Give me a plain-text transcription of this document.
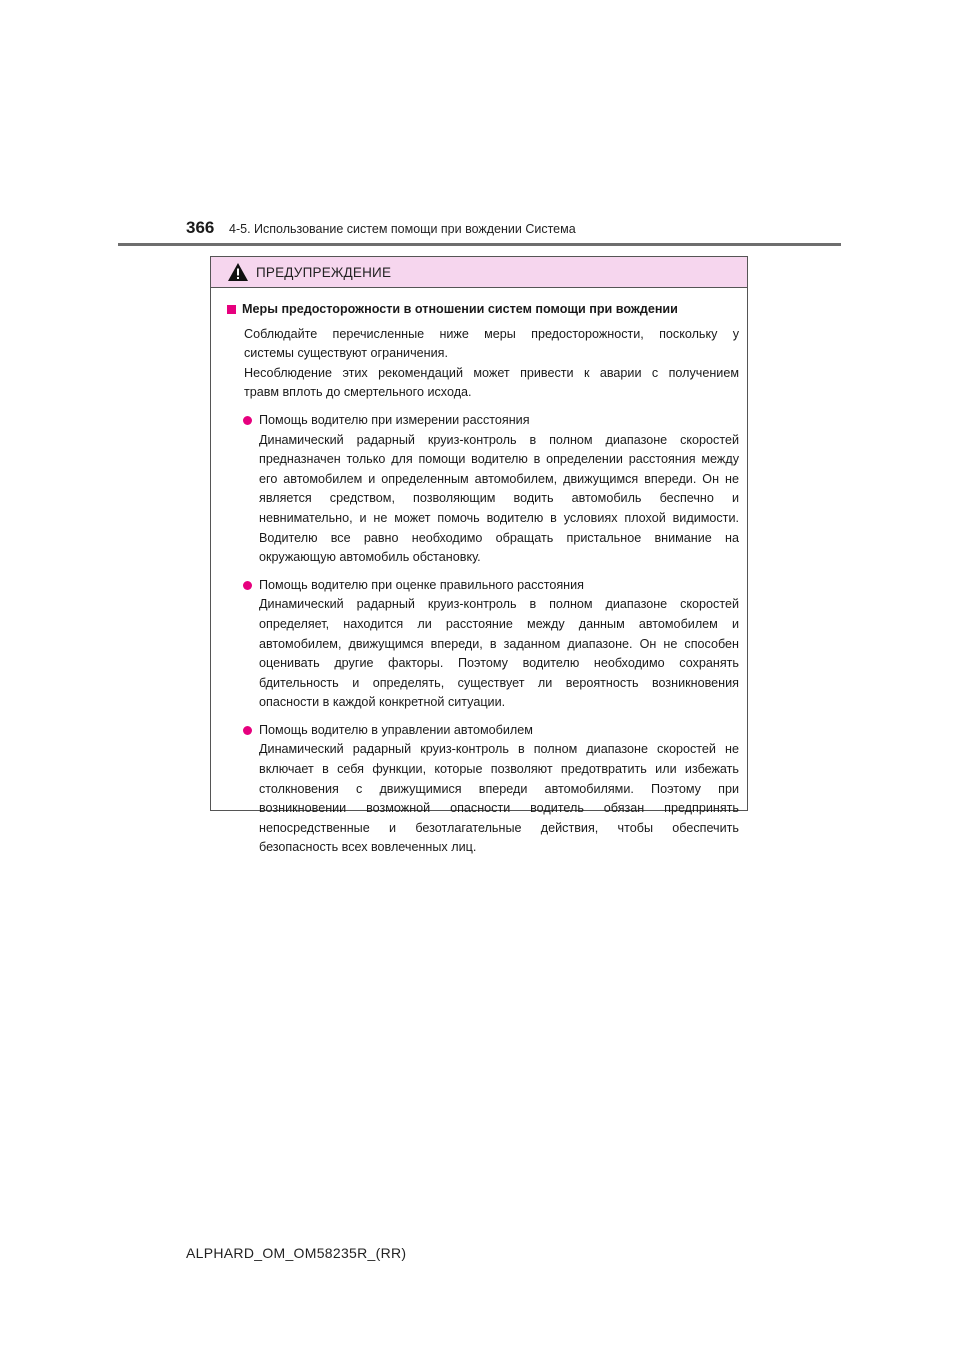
366 4-5. Использование систем помощи при вождении Система
ПРЕДУПРЕЖДЕНИЕ
Меры предосторожности в отношении систем помощи при вождении
Соблюдайте перечисленные ниже меры предосторожности, поскольку у
системы существуют ограничения.
Несоблюдение этих рекомендаций может привести к аварии с получением
травм вплоть до смертельного исхода.
Помощь водителю при измерении расстояния
Динамический радарный круиз-контроль в полном диапазоне скоростей
предназначен только для помощи водителю в определении расстояния между
его автомобилем и определенным автомобилем, движущимся впереди. Он не
является средством, позволяющим водить автомобиль беспечно и
невнимательно, и не может помочь водителю в условиях плохой видимости.
Водителю все равно необходимо обращать пристальное внимание на
окружающую автомобиль обстановку.
Помощь водителю при оценке правильного расстояния
Динамический радарный круиз-контроль в полном диапазоне скоростей
определяет, находится ли расстояние между данным автомобилем и
автомобилем, движущимся впереди, в заданном диапазоне. Он не способен
оценивать другие факторы. Поэтому водителю необходимо сохранять
бдительность и определять, существует ли вероятность возникновения
опасности в каждой конкретной ситуации.
Помощь водителю в управлении автомобилем
Динамический радарный круиз-контроль в полном диапазоне скоростей не
включает в себя функции, которые позволяют предотвратить или избежать
столкновения с движущимися впереди автомобилями. Поэтому при
возникновении возможной опасности водитель обязан предпринять
непосредственные и безотлагательные действия, чтобы обеспечить
безопасность всех вовлеченных лиц.
ALPHARD_OM_OM58235R_(RR)
